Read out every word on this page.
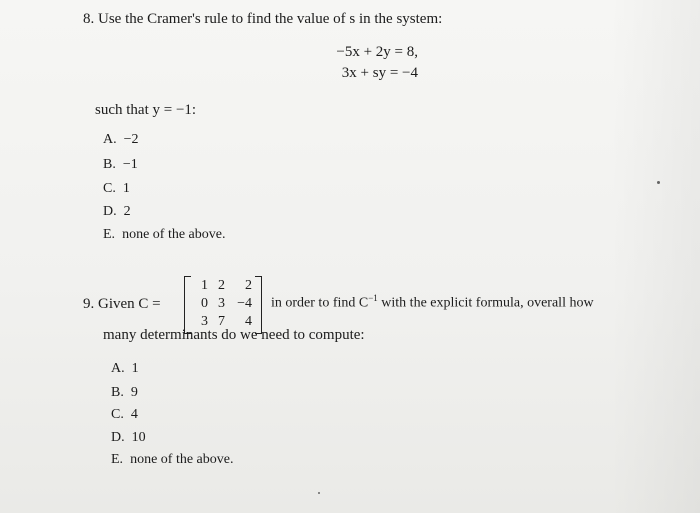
8. Use the Cramer's rule to find the value of s in the system:
−5x + 2y = 8,
3x + sy = −4
such that y = −1:
A. −2
B. −1
C. 1
D. 2
E. none of the above.
9. Given C =
1 2	2
0 3 −4
3 7	4
in order to find $C^{-1}$ with the explicit formula, overall how
many determinants do we need to compute:
A. 1
B. 9
C. 4
D. 10
E. none of the above.
